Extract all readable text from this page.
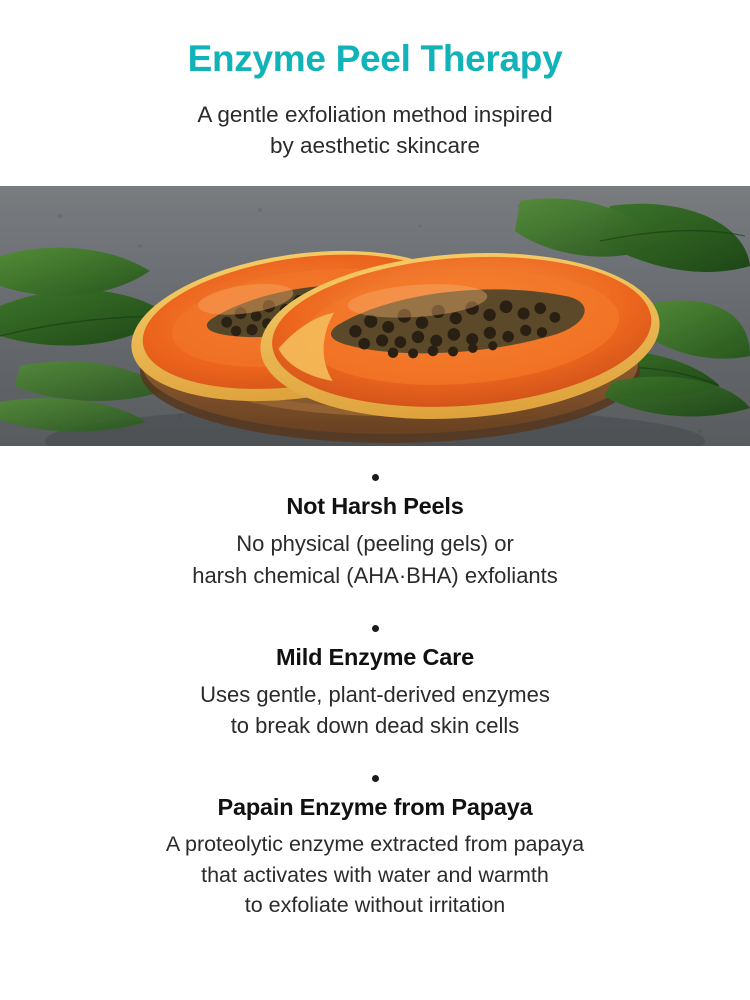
Enzyme Peel Therapy
A gentle exfoliation method inspired
by aesthetic skincare
Not Harsh Peels
No physical (peeling gels) or
harsh chemical (AHA·BHA) exfoliants
Mild Enzyme Care
Uses gentle, plant-derived enzymes
to break down dead skin cells
Papain Enzyme from Papaya
A proteolytic enzyme extracted from papaya
that activates with water and warmth
to exfoliate without irritation
